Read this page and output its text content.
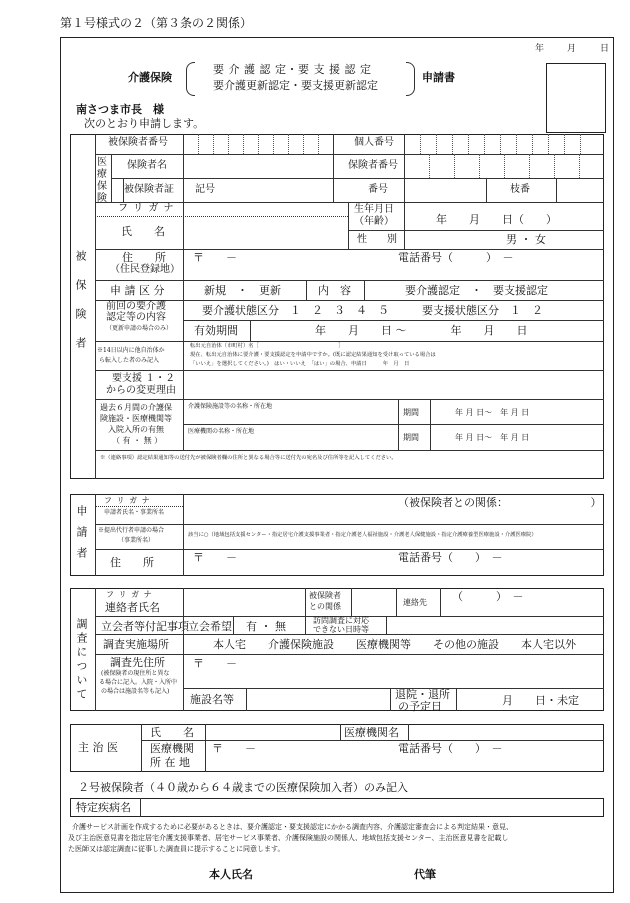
第１号様式の２（第３条の２関係）
年	月	日
介護保険
要 介 護 認 定・要 支 援 認 定
要介護更新認定・要支援更新認定
申請書
南さつま市長　様
次のとおり申請します。
被保険者
被保険者番号	個人番号
医療保険
保険者名	保険者番号
被保険者証 記号	番号	枝番
フ リ ガ ナ
氏　　名
生年月日
（年齢）	年　　月　　日（　　）
性　　別	男 ・ 女
住　　所
（住民登録地）
〒　　－	電話番号（　　　）　－
申 請 区 分	新規　・　更新	内　容	要介護認定　・　要支援認定
前回の要介護
認定等の内容
（更新申請の場合のみ）
要介護状態区分　１　２　３　４　５	要支援状態区分　１　２
有効期間	年　　月　　日 ～　　　　年　　月　　日
※14日以内に他自治体か
ら転入した者のみ記入
転出元自治体（市町村）名［　　　　　　　　　　　　　　　］
現在、転出元自治体に要介護・要支援認定を申請中ですか。(既に認定結果通知を受け取っている場合は
「いいえ」を選択してください。)　はい・いいえ　「はい」の場合、申請日　　　年　月　日
要支援 １・２
からの変更理由
過去６月間の介護保
険施設・医療機関等
入院入所の有無
（ 有 ・ 無 ）
介護保険施設等の名称・所在地
期間	年 月 日～　年 月 日
医療機関の名称・所在地
期間	年 月 日～　年 月 日
※（連絡事項）認定結果通知等の送付先が被保険者欄の住所と異なる場合等に送付先の宛名及び住所等を記入してください。
申請者
フ リ ガ ナ
申請者氏名・事業所名
（被保険者との関係：　　　　　　　　）
※提出代行者申請の場合
（事業所名）
該当に○（地域包括支援センター・指定居宅介護支援事業者・指定介護老人福祉施設・介護老人保健施設・指定介護療養型医療施設・介護医療院）
住　　所	〒　　－	電話番号（　　）　－
調査について
フ リ ガ ナ
連絡者氏名
被保険者
との関係	連絡先 （　　　）　－
立会者等付記事項 立会希望 有 ・ 無	訪問調査に対応
できない日時等
調査実施場所	本人宅　　介護保険施設　　医療機関等　　その他の施設　　本人宅以外
調査先住所
(被保険者の現住所と異な
る場合に記入。入院・入所中
の場合は施設名等も記入)
〒　　－
施設名等	退院・退所
の予定日	月　　日・未定
主 治 医
氏　　名	医療機関名
医療機関
所 在 地
〒　　－	電話番号（　　）　－
２号被保険者（４０歳から６４歳までの医療保険加入者）のみ記入
特定疾病名
介護サービス計画を作成するために必要があるときは、要介護認定・要支援認定にかかる調査内容、介護認定審査会による判定結果・意見、
及び主治医意見書を指定居宅介護支援事業者、居宅サービス事業者、介護保険施設の関係人、地域包括支援センター、主治医意見書を記載し
た医師又は認定調査に従事した調査員に提示することに同意します。
本人氏名	代筆
